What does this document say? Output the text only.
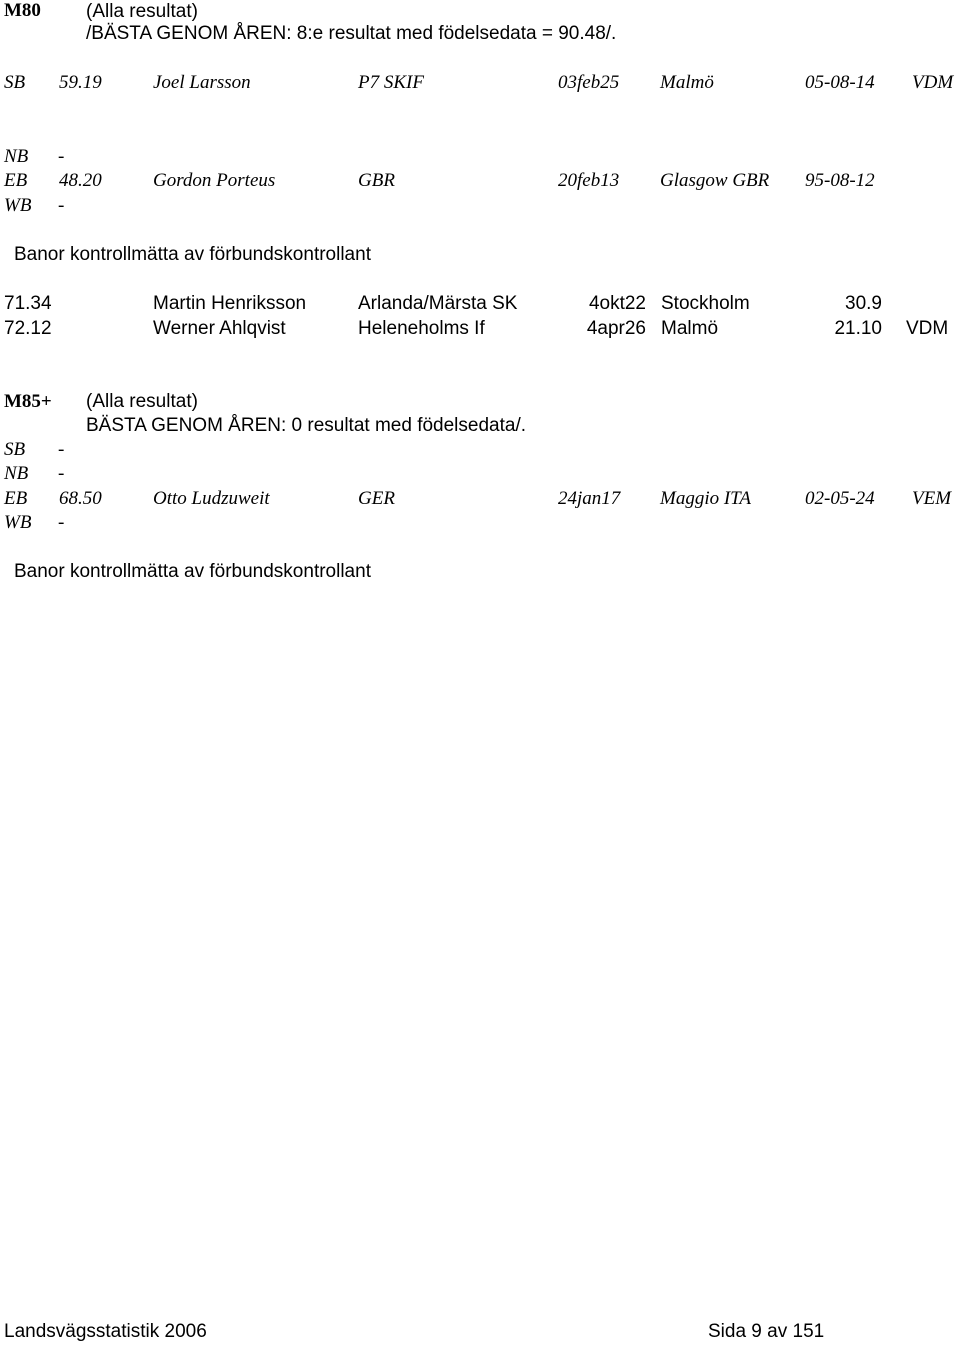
M80 (Alla resultat)
/BÄSTA GENOM ÅREN: 8:e resultat med födelsedata = 90.48/.
SB 59.19	Joel Larsson	P7 SKIF	03feb25 Malmö	05-08-14 VDM
NB -
EB 48.20	Gordon Porteus	GBR	20feb13 Glasgow GBR 95-08-12
WB -
Banor kontrollmätta av förbundskontrollant
71.34	Martin Henriksson	Arlanda/Märsta SK	4okt22 Stockholm	30.9
72.12	Werner Ahlqvist	Heleneholms If	4apr26 Malmö	21.10 VDM
M85+ (Alla resultat)
BÄSTA GENOM ÅREN: 0 resultat med födelsedata/.
SB -
NB -
EB 68.50	Otto Ludzuweit	GER	24jan17 Maggio ITA	02-05-24 VEM
WB -
Banor kontrollmätta av förbundskontrollant
Landsvägsstatistik 2006	Sida 9 av 151
